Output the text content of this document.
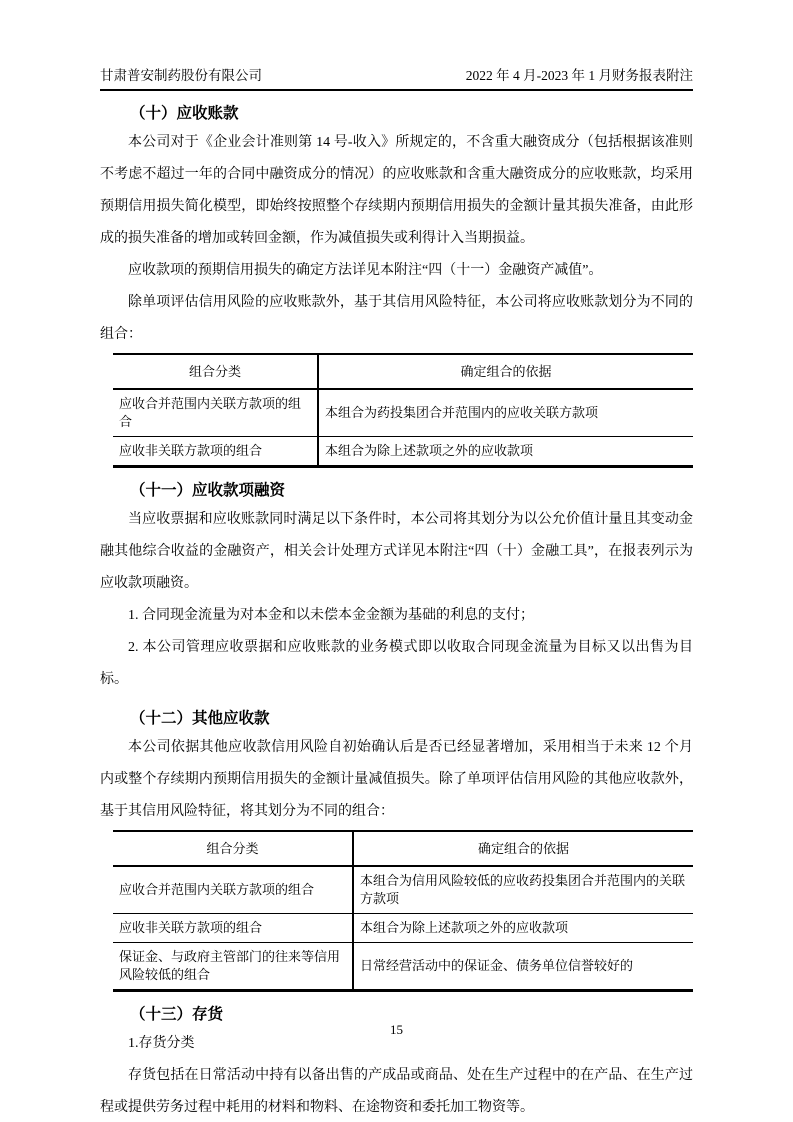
甘肃普安制药股份有限公司	2022 年 4 月-2023 年 1 月财务报表附注
（十）应收账款

本公司对于《企业会计准则第 14 号-收入》所规定的，不含重大融资成分（包括根据该准则不考虑不超过一年的合同中融资成分的情况）的应收账款和含重大融资成分的应收账款，均采用预期信用损失简化模型，即始终按照整个存续期内预期信用损失的金额计量其损失准备，由此形成的损失准备的增加或转回金额，作为减值损失或利得计入当期损益。

应收款项的预期信用损失的确定方法详见本附注“四（十一）金融资产减值”。

除单项评估信用风险的应收账款外，基于其信用风险特征，本公司将应收账款划分为不同的组合：

组合分类	确定组合的依据
应收合并范围内关联方款项的组合	本组合为药投集团合并范围内的应收关联方款项
应收非关联方款项的组合	本组合为除上述款项之外的应收款项
（十一）应收款项融资

当应收票据和应收账款同时满足以下条件时，本公司将其划分为以公允价值计量且其变动金融其他综合收益的金融资产，相关会计处理方式详见本附注“四（十）金融工具”，在报表列示为应收款项融资。

1. 合同现金流量为对本金和以未偿本金金额为基础的利息的支付；

2. 本公司管理应收票据和应收账款的业务模式即以收取合同现金流量为目标又以出售为目标。

（十二）其他应收款

本公司依据其他应收款信用风险自初始确认后是否已经显著增加，采用相当于未来 12 个月内或整个存续期内预期信用损失的金额计量减值损失。除了单项评估信用风险的其他应收款外，基于其信用风险特征，将其划分为不同的组合：

组合分类	确定组合的依据
应收合并范围内关联方款项的组合	本组合为信用风险较低的应收药投集团合并范围内的关联方款项
应收非关联方款项的组合	本组合为除上述款项之外的应收款项
保证金、与政府主管部门的往来等信用风险较低的组合	日常经营活动中的保证金、债务单位信誉较好的
（十三）存货

1.存货分类

存货包括在日常活动中持有以备出售的产成品或商品、处在生产过程中的在产品、在生产过程或提供劳务过程中耗用的材料和物料、在途物资和委托加工物资等。

15
